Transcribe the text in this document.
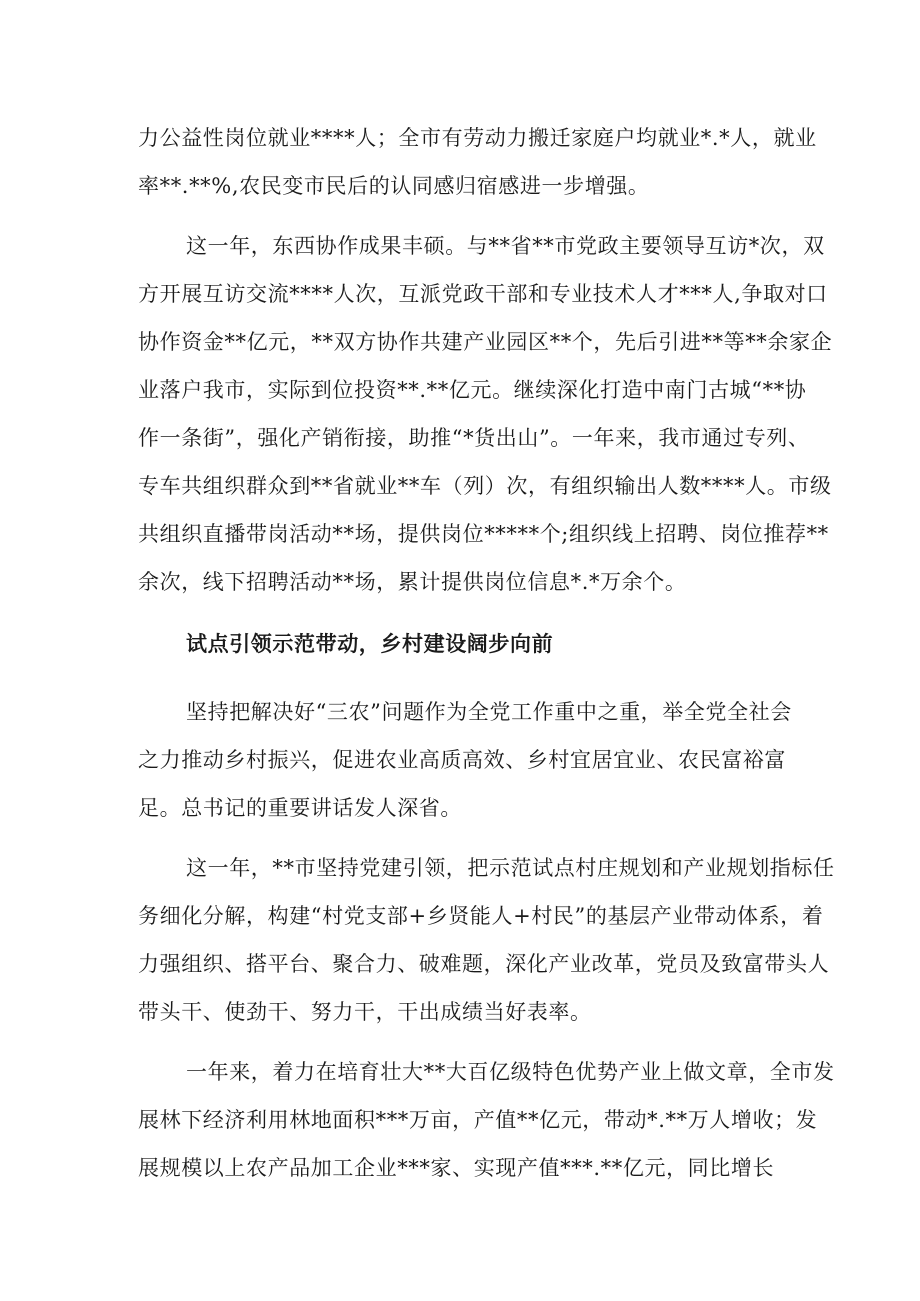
力公益性岗位就业****人；全市有劳动力搬迁家庭户均就业*.*人，就业
率**.**%,农民变市民后的认同感归宿感进一步增强。
这一年，东西协作成果丰硕。与**省**市党政主要领导互访*次，双
方开展互访交流****人次，互派党政干部和专业技术人才***人,争取对口
协作资金**亿元，**双方协作共建产业园区**个，先后引进**等**余家企
业落户我市，实际到位投资**.**亿元。继续深化打造中南门古城“**协
作一条街”，强化产销衔接，助推“*货出山”。一年来，我市通过专列、
专车共组织群众到**省就业**车（列）次，有组织输出人数****人。市级
共组织直播带岗活动**场，提供岗位*****个;组织线上招聘、岗位推荐**
余次，线下招聘活动**场，累计提供岗位信息*.*万余个。
试点引领示范带动，乡村建设阔步向前
坚持把解决好“三农”问题作为全党工作重中之重，举全党全社会
之力推动乡村振兴，促进农业高质高效、乡村宜居宜业、农民富裕富
足。总书记的重要讲话发人深省。
这一年，**市坚持党建引领，把示范试点村庄规划和产业规划指标任
务细化分解，构建“村党支部+乡贤能人+村民”的基层产业带动体系，着
力强组织、搭平台、聚合力、破难题，深化产业改革，党员及致富带头人
带头干、使劲干、努力干，干出成绩当好表率。
一年来，着力在培育壮大**大百亿级特色优势产业上做文章，全市发
展林下经济利用林地面积***万亩，产值**亿元，带动*.**万人增收；发
展规模以上农产品加工企业***家、实现产值***.**亿元，同比增长
